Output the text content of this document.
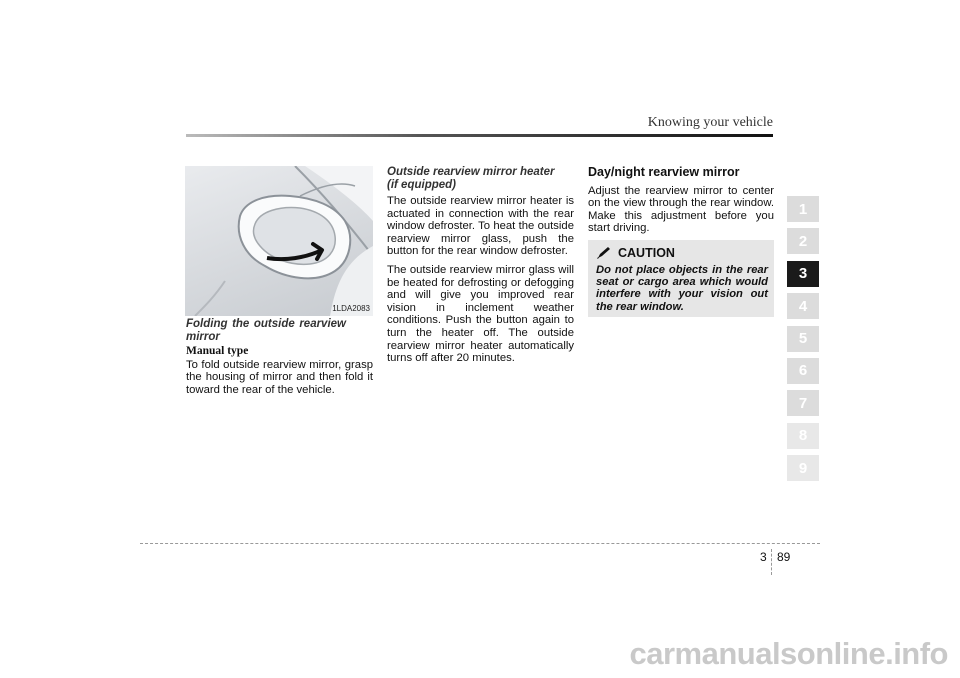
Knowing your vehicle
1LDA2083

Folding the outside rearview mirror

Manual type

To fold outside rearview mirror, grasp the housing of mirror and then fold it toward the rear of the vehicle.

Outside rearview mirror heater
(if equipped)

The outside rearview mirror heater is actuated in connection with the rear window defroster. To heat the outside rearview mirror glass, push the button for the rear window defroster.

The outside rearview mirror glass will be heated for defrosting or defogging and will give you improved rear vision in inclement weather conditions. Push the button again to turn the heater off. The outside rearview mirror heater automatically turns off after 20 minutes.

Day/night rearview mirror

Adjust the rearview mirror to center on the view through the rear window. Make this adjustment before you start driving.

CAUTION
Do not place objects in the rear seat or cargo area which would interfere with your vision out the rear window.
1
2
3
4
5
6
7
8
9
3 89
carmanualsonline.info
